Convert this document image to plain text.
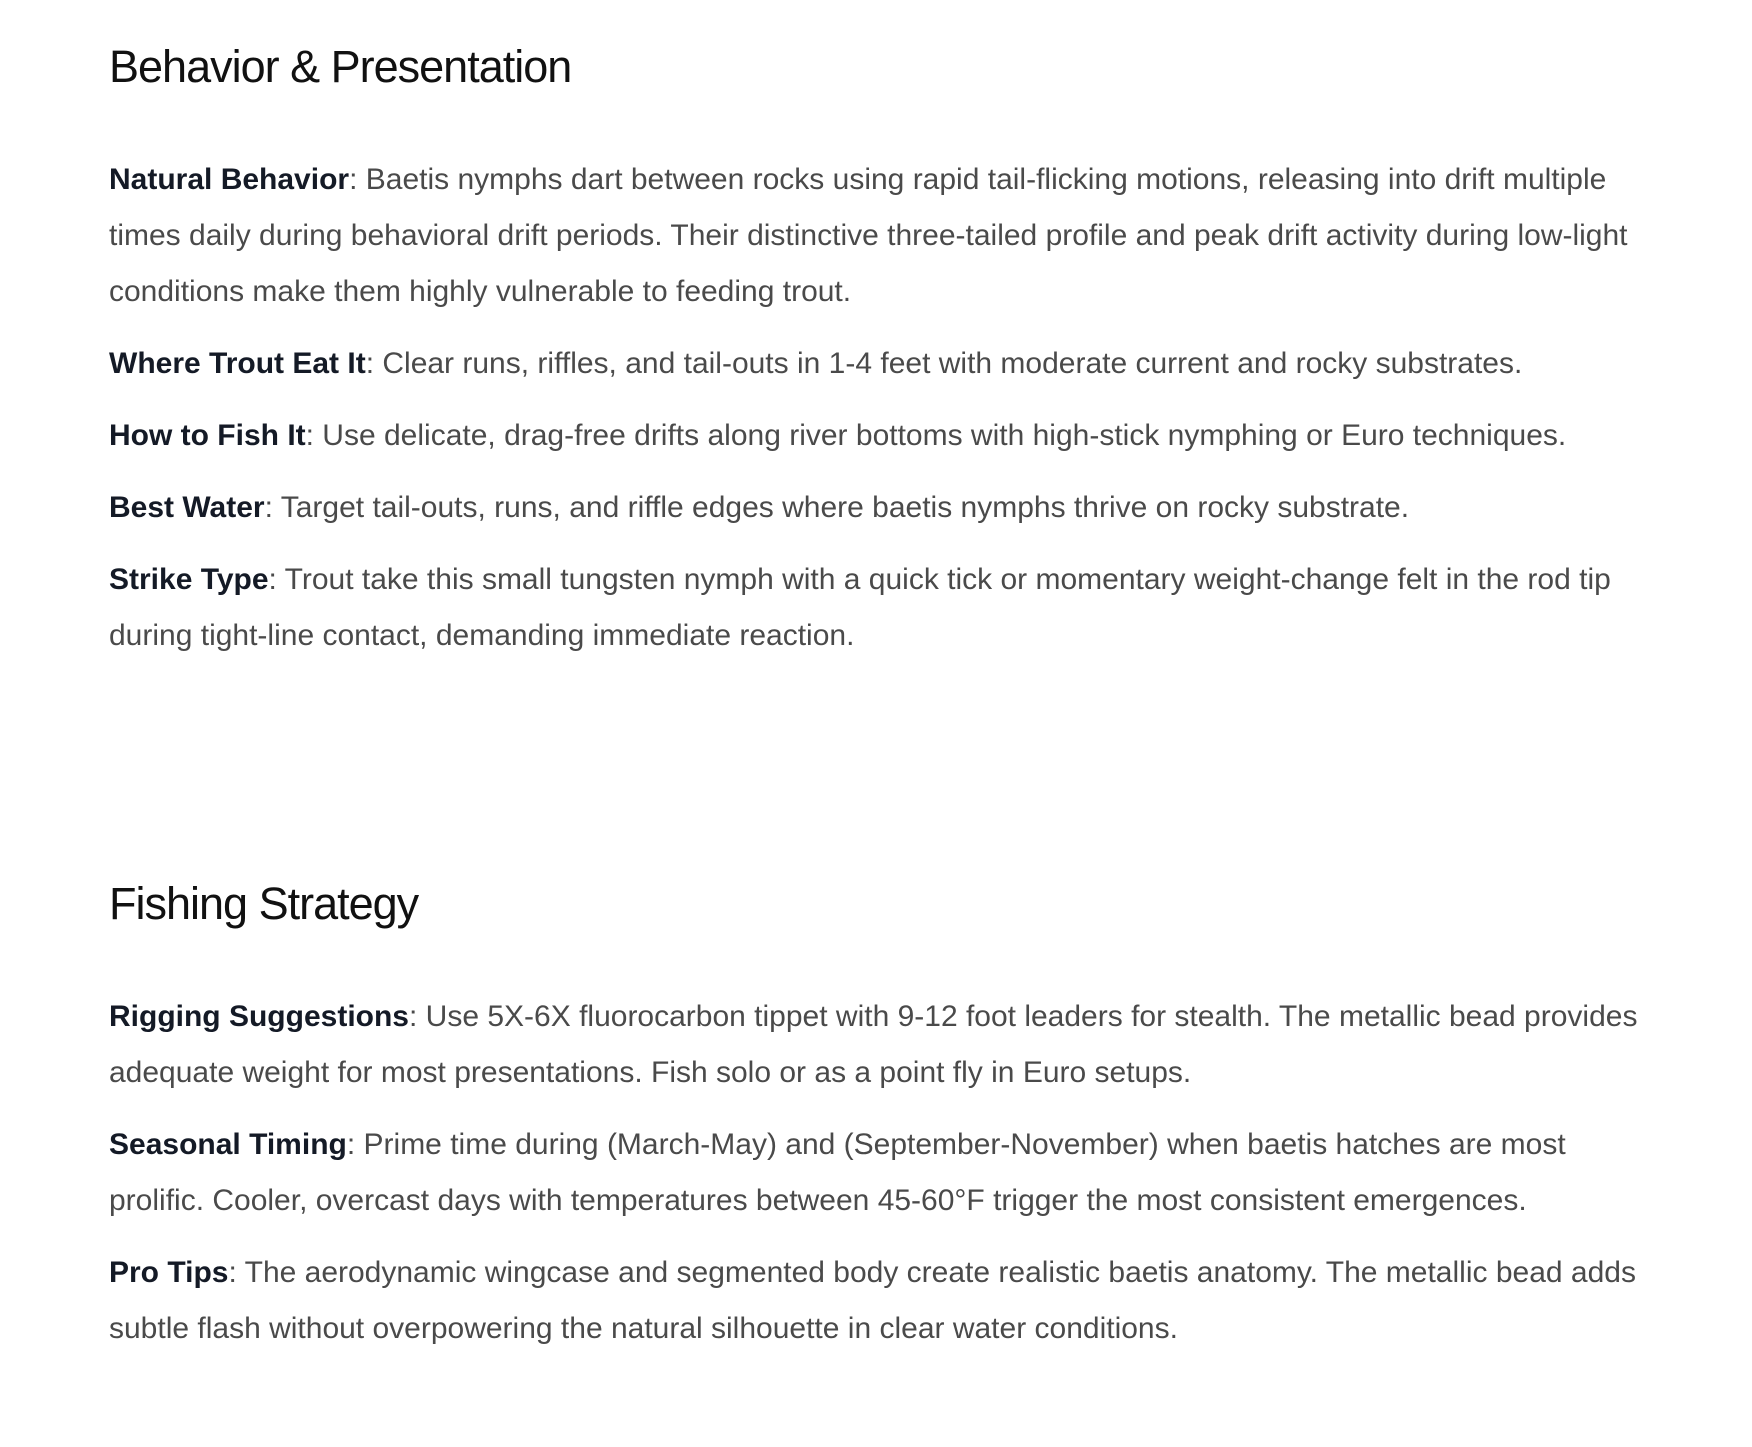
Behavior & Presentation

Natural Behavior: Baetis nymphs dart between rocks using rapid tail-flicking motions, releasing into drift multiple times daily during behavioral drift periods. Their distinctive three-tailed profile and peak drift activity during low-light conditions make them highly vulnerable to feeding trout.

Where Trout Eat It: Clear runs, riffles, and tail-outs in 1-4 feet with moderate current and rocky substrates.

How to Fish It: Use delicate, drag-free drifts along river bottoms with high-stick nymphing or Euro techniques.

Best Water: Target tail-outs, runs, and riffle edges where baetis nymphs thrive on rocky substrate.

Strike Type: Trout take this small tungsten nymph with a quick tick or momentary weight-change felt in the rod tip during tight-line contact, demanding immediate reaction.

Fishing Strategy

Rigging Suggestions: Use 5X-6X fluorocarbon tippet with 9-12 foot leaders for stealth. The metallic bead provides adequate weight for most presentations. Fish solo or as a point fly in Euro setups.

Seasonal Timing: Prime time during (March-May) and (September-November) when baetis hatches are most prolific. Cooler, overcast days with temperatures between 45-60°F trigger the most consistent emergences.

Pro Tips: The aerodynamic wingcase and segmented body create realistic baetis anatomy. The metallic bead adds subtle flash without overpowering the natural silhouette in clear water conditions.
